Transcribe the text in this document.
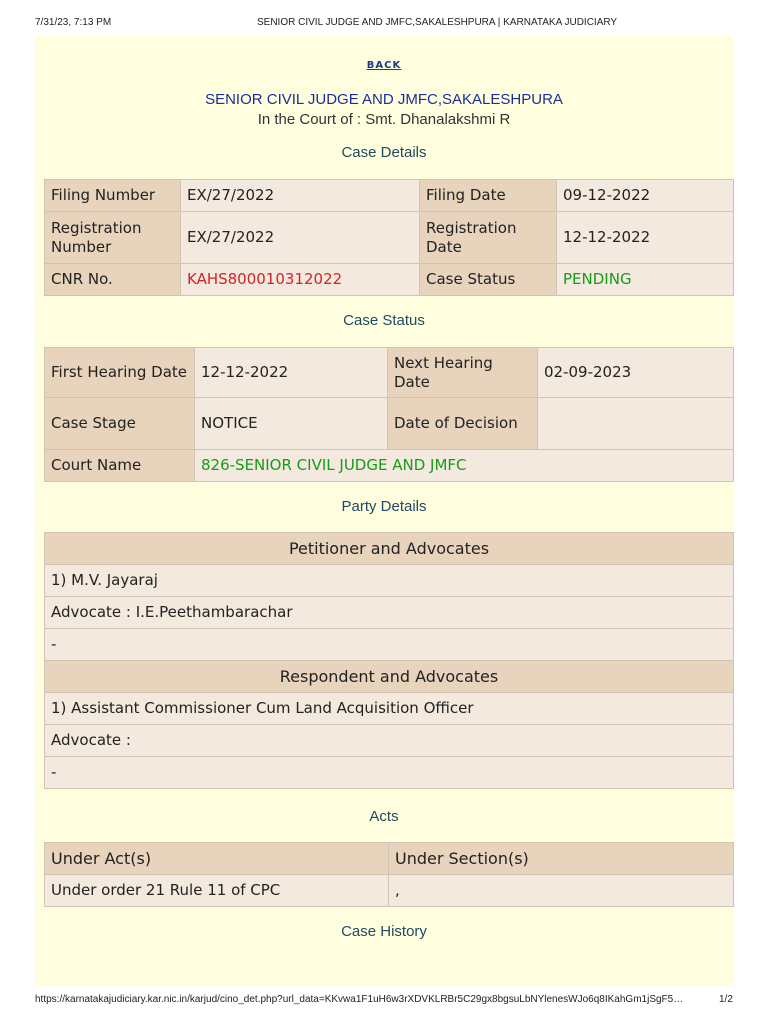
7/31/23, 7:13 PM	SENIOR CIVIL JUDGE AND JMFC,SAKALESHPURA | KARNATAKA JUDICIARY
BACK
SENIOR CIVIL JUDGE AND JMFC,SAKALESHPURA
In the Court of : Smt. Dhanalakshmi R
Case Details
Filing Number	EX/27/2022	Filing Date	09-12-2022
Registration Number	EX/27/2022	Registration Date	12-12-2022
CNR No.	KAHS800010312022	Case Status	PENDING
Case Status
First Hearing Date	12-12-2022	Next Hearing Date	02-09-2023
Case Stage	NOTICE	Date of Decision	
Court Name	826-SENIOR CIVIL JUDGE AND JMFC		
Party Details
Petitioner and Advocates
1) M.V. Jayaraj
Advocate : I.E.Peethambarachar
-
Respondent and Advocates
1) Assistant Commissioner Cum Land Acquisition Officer
Advocate :
-
Acts
Under Act(s)	Under Section(s)
Under order 21 Rule 11 of CPC	,
Case History
https://karnatakajudiciary.kar.nic.in/karjud/cino_det.php?url_data=KKvwa1F1uH6w3rXDVKLRBr5C29gx8bgsuLbNYlenesWJo6q8IKahGm1jSgF5…	1/2
